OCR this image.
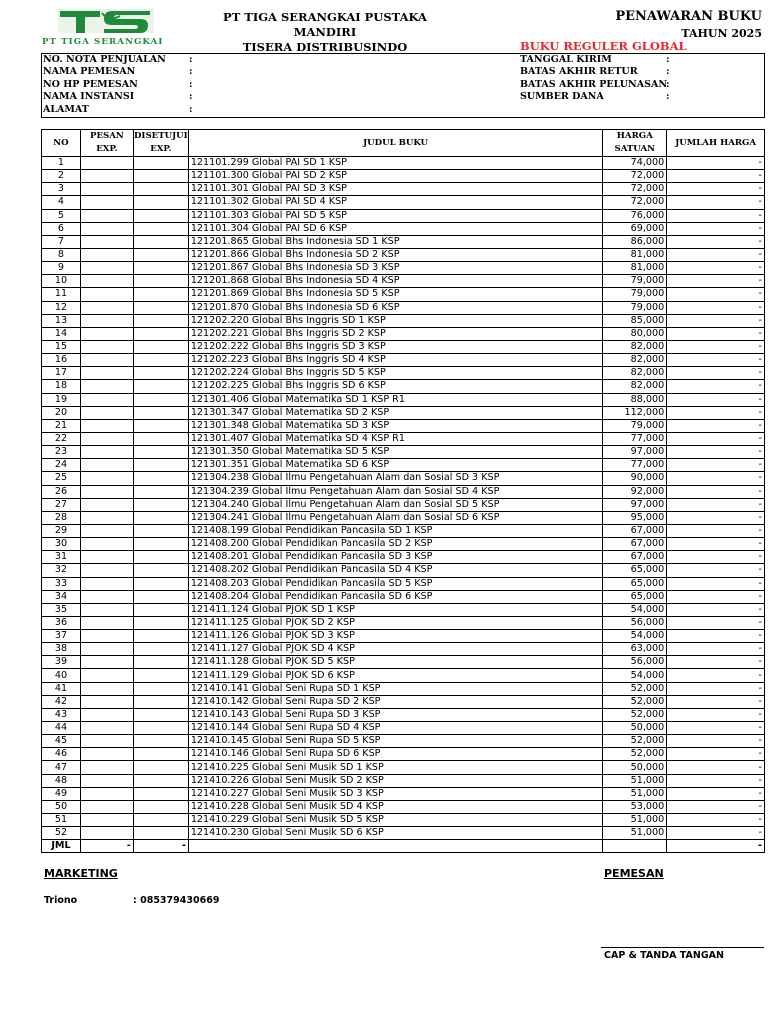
PT TIGA SERANGKAI
PT TIGA SERANGKAI PUSTAKA MANDIRI
TISERA DISTRIBUSINDO
PENAWARAN BUKU
TAHUN 2025
BUKU REGULER GLOBAL
NO. NOTA PENJUALAN :
NAMA PEMESAN	:
NO HP PEMESAN	:
NAMA INSTANSI	:
ALAMAT	:
TANGGAL KIRIM	:
BATAS AKHIR RETUR	:
BATAS AKHIR PELUNASAN
:
SUMBER DANA	:
NO	PESAN EXP.	DISETUJUI EXP.	JUDUL BUKU	HARGA SATUAN	JUMLAH HARGA
1			121101.299 Global PAI SD 1 KSP	74,000	-
2			121101.300 Global PAI SD 2 KSP	72,000	-
3			121101.301 Global PAI SD 3 KSP	72,000	-
4			121101.302 Global PAI SD 4 KSP	72,000	-
5			121101.303 Global PAI SD 5 KSP	76,000	-
6			121101.304 Global PAI SD 6 KSP	69,000	-
7			121201.865 Global Bhs Indonesia SD 1 KSP	86,000	-
8			121201.866 Global Bhs Indonesia SD 2 KSP	81,000	-
9			121201.867 Global Bhs Indonesia SD 3 KSP	81,000	-
10			121201.868 Global Bhs Indonesia SD 4 KSP	79,000	-
11			121201.869 Global Bhs Indonesia SD 5 KSP	79,000	-
12			121201.870 Global Bhs Indonesia SD 6 KSP	79,000	-
13			121202.220 Global Bhs Inggris SD 1 KSP	85,000	-
14			121202.221 Global Bhs Inggris SD 2 KSP	80,000	-
15			121202.222 Global Bhs Inggris SD 3 KSP	82,000	-
16			121202.223 Global Bhs Inggris SD 4 KSP	82,000	-
17			121202.224 Global Bhs Inggris SD 5 KSP	82,000	-
18			121202.225 Global Bhs Inggris SD 6 KSP	82,000	-
19			121301.406 Global Matematika SD 1 KSP R1	88,000	-
20			121301.347 Global Matematika SD 2 KSP	112,000	-
21			121301.348 Global Matematika SD 3 KSP	79,000	-
22			121301.407 Global Matematika SD 4 KSP R1	77,000	-
23			121301.350 Global Matematika SD 5 KSP	97,000	-
24			121301.351 Global Matematika SD 6 KSP	77,000	-
25			121304.238 Global Ilmu Pengetahuan Alam dan Sosial SD 3 KSP	90,000	-
26			121304.239 Global Ilmu Pengetahuan Alam dan Sosial SD 4 KSP	92,000	-
27			121304.240 Global Ilmu Pengetahuan Alam dan Sosial SD 5 KSP	97,000	-
28			121304.241 Global Ilmu Pengetahuan Alam dan Sosial SD 6 KSP	95,000	-
29			121408.199 Global Pendidikan Pancasila SD 1 KSP	67,000	-
30			121408.200 Global Pendidikan Pancasila SD 2 KSP	67,000	-
31			121408.201 Global Pendidikan Pancasila SD 3 KSP	67,000	-
32			121408.202 Global Pendidikan Pancasila SD 4 KSP	65,000	-
33			121408.203 Global Pendidikan Pancasila SD 5 KSP	65,000	-
34			121408.204 Global Pendidikan Pancasila SD 6 KSP	65,000	-
35			121411.124 Global PJOK SD 1 KSP	54,000	-
36			121411.125 Global PJOK SD 2 KSP	56,000	-
37			121411.126 Global PJOK SD 3 KSP	54,000	-
38			121411.127 Global PJOK SD 4 KSP	63,000	-
39			121411.128 Global PJOK SD 5 KSP	56,000	-
40			121411.129 Global PJOK SD 6 KSP	54,000	-
41			121410.141 Global Seni Rupa SD 1 KSP	52,000	-
42			121410.142 Global Seni Rupa SD 2 KSP	52,000	-
43			121410.143 Global Seni Rupa SD 3 KSP	52,000	-
44			121410.144 Global Seni Rupa SD 4 KSP	50,000	-
45			121410.145 Global Seni Rupa SD 5 KSP	52,000	-
46			121410.146 Global Seni Rupa SD 6 KSP	52,000	-
47			121410.225 Global Seni Musik SD 1 KSP	50,000	-
48			121410.226 Global Seni Musik SD 2 KSP	51,000	-
49			121410.227 Global Seni Musik SD 3 KSP	51,000	-
50			121410.228 Global Seni Musik SD 4 KSP	53,000	-
51			121410.229 Global Seni Musik SD 5 KSP	51,000	-
52			121410.230 Global Seni Musik SD 6 KSP	51,000	-
JML	-	-			-
MARKETING	PEMESAN
Triono	: 085379430669
CAP & TANDA TANGAN
